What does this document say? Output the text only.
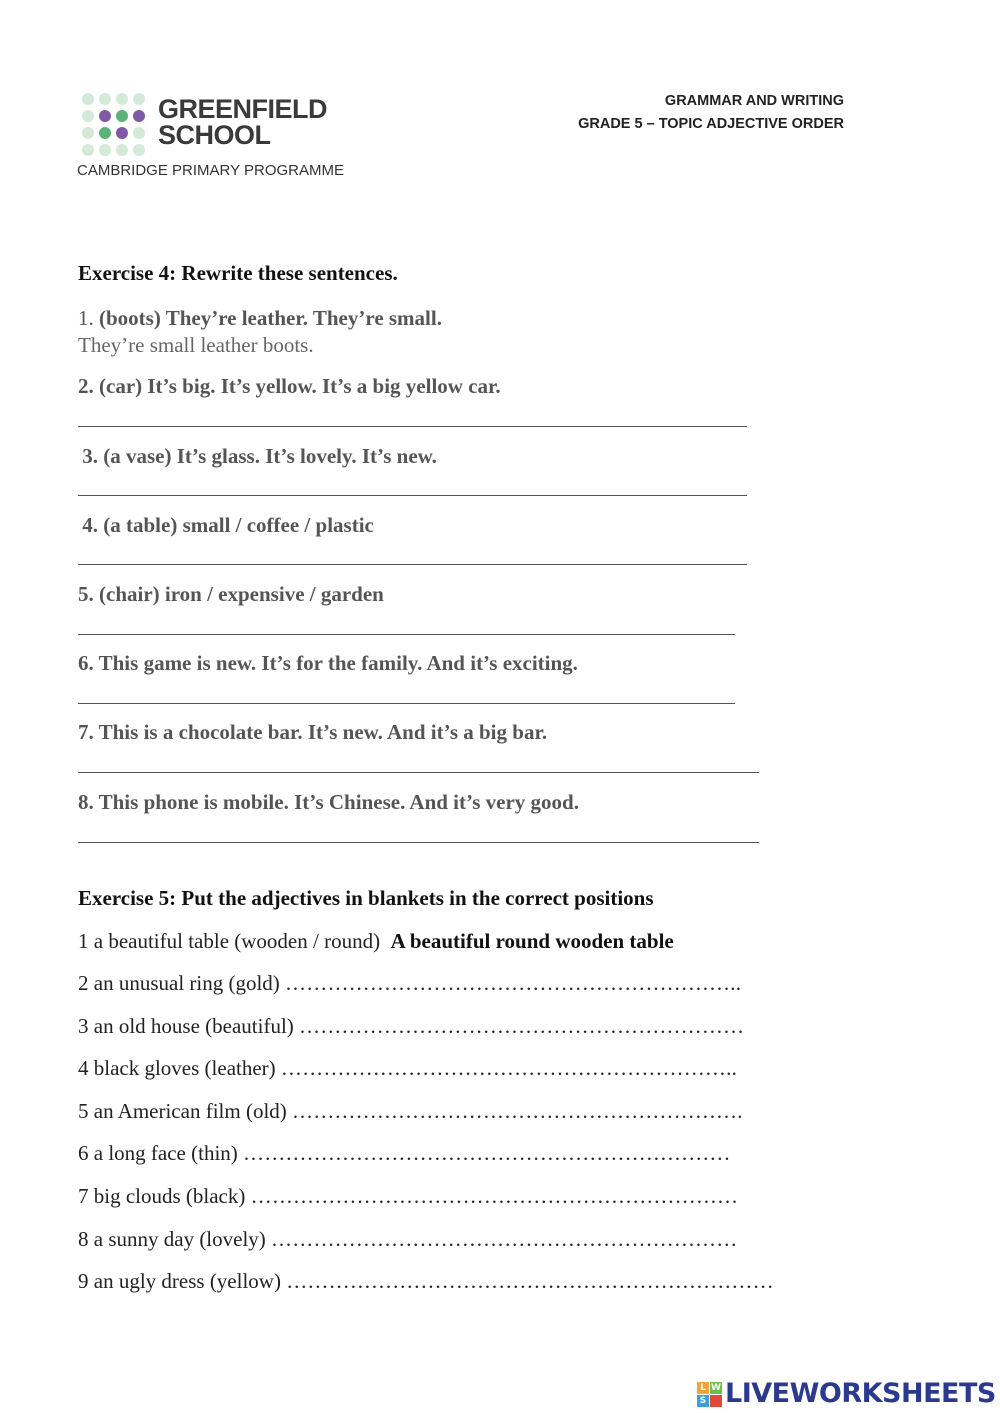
GREENFIELD
SCHOOL
CAMBRIDGE PRIMARY PROGRAMME
GRAMMAR AND WRITING
GRADE 5 – TOPIC ADJECTIVE ORDER
Exercise 4: Rewrite these sentences.
1. (boots) They’re leather. They’re small.
They’re small leather boots.
2. (car) It’s big. It’s yellow. It’s a big yellow car.
3. (a vase) It’s glass. It’s lovely. It’s new.
4. (a table) small / coffee / plastic
5. (chair) iron / expensive / garden
6. This game is new. It’s for the family. And it’s exciting.
7. This is a chocolate bar. It’s new. And it’s a big bar.
8. This phone is mobile. It’s Chinese. And it’s very good.
Exercise 5: Put the adjectives in blankets in the correct positions
1 a beautiful table (wooden / round) A beautiful round wooden table
2 an unusual ring (gold) ………………………………………………………..
3 an old house (beautiful) ………………………………………………………
4 black gloves (leather) ………………………………………………………..
5 an American film (old) ……………………………………………………….
6 a long face (thin) ……………………………………………………………
7 big clouds (black) ……………………………………………………………
8 a sunny day (lovely) …………………………………………………………
9 an ugly dress (yellow) ……………………………………………………………
L W
S LIVEWORKSHEETS
